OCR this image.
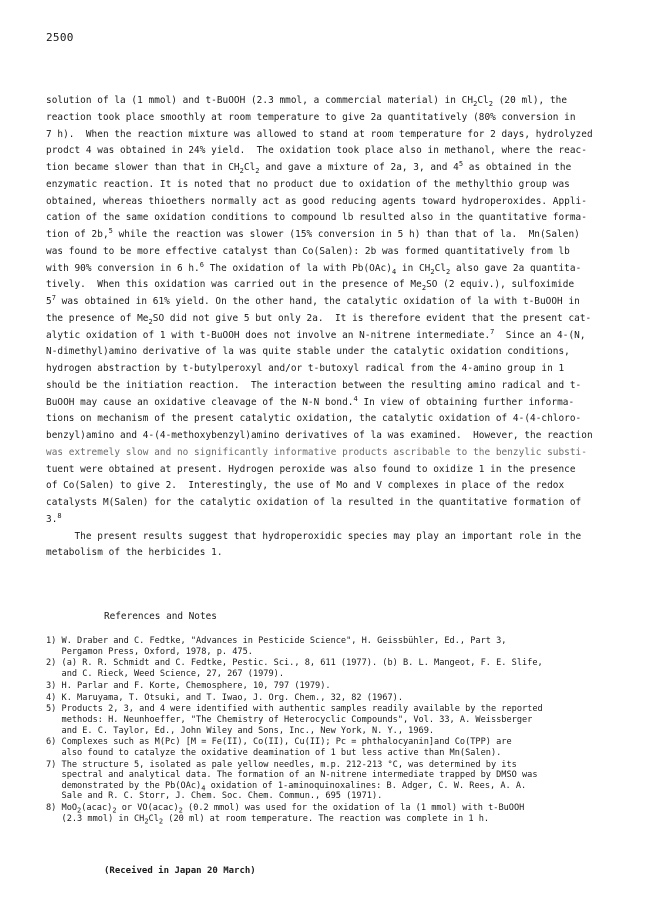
2500
solution of la (1 mmol) and t-BuOOH (2.3 mmol, a commercial material) in $CH_2Cl_2$ (20 ml), the
reaction took place smoothly at room temperature to give 2a quantitatively (80% conversion in
7 h).  When the reaction mixture was allowed to stand at room temperature for 2 days, hydrolyzed
prodct 4 was obtained in 24% yield.  The oxidation took place also in methanol, where the reac-
tion became slower than that in $CH_2Cl_2$ and gave a mixture of 2a, 3, and $4^5$ as obtained in the
enzymatic reaction. It is noted that no product due to oxidation of the methylthio group was
obtained, whereas thioethers normally act as good reducing agents toward hydroperoxides. Appli-
cation of the same oxidation conditions to compound lb resulted also in the quantitative forma-
tion of 2b,$^5$ while the reaction was slower (15% conversion in 5 h) than that of la.  Mn(Salen)
was found to be more effective catalyst than Co(Salen): 2b was formed quantitatively from lb
with 90% conversion in 6 h.$^6$ The oxidation of la with $Pb(OAc)_4$ in $CH_2Cl_2$ also gave 2a quantita-
tively.  When this oxidation was carried out in the presence of $Me_2SO$ (2 equiv.), sulfoximide
$5^7$ was obtained in 61% yield. On the other hand, the catalytic oxidation of la with t-BuOOH in
the presence of $Me_2SO$ did not give 5 but only 2a.  It is therefore evident that the present cat-
alytic oxidation of 1 with t-BuOOH does not involve an N-nitrene intermediate.$^7$  Since an 4-(N,
N-dimethyl)amino derivative of la was quite stable under the catalytic oxidation conditions,
hydrogen abstraction by t-butylperoxyl and/or t-butoxyl radical from the 4-amino group in 1
should be the initiation reaction.  The interaction between the resulting amino radical and t-
BuOOH may cause an oxidative cleavage of the N-N bond.$^4$ In view of obtaining further informa-
tions on mechanism of the present catalytic oxidation, the catalytic oxidation of 4-(4-chloro-
benzyl)amino and 4-(4-methoxybenzyl)amino derivatives of la was examined.  However, the reaction
was extremely slow and no significantly informative products ascribable to the benzylic substi-
tuent were obtained at present. Hydrogen peroxide was also found to oxidize 1 in the presence
of Co(Salen) to give 2.  Interestingly, the use of Mo and V complexes in place of the redox
catalysts M(Salen) for the catalytic oxidation of la resulted in the quantitative formation of
3.$^8$
The present results suggest that hydroperoxidic species may play an important role in the
metabolism of the herbicides 1.
References and Notes
1) W. Draber and C. Fedtke, "Advances in Pesticide Science", H. Geissbühler, Ed., Part 3,
Pergamon Press, Oxford, 1978, p. 475.
2) (a) R. R. Schmidt and C. Fedtke, Pestic. Sci., 8, 611 (1977). (b) B. L. Mangeot, F. E. Slife,
and C. Rieck, Weed Science, 27, 267 (1979).
3) H. Parlar and F. Korte, Chemosphere, 10, 797 (1979).
4) K. Maruyama, T. Otsuki, and T. Iwao, J. Org. Chem., 32, 82 (1967).
5) Products 2, 3, and 4 were identified with authentic samples readily available by the reported
methods: H. Neunhoeffer, "The Chemistry of Heterocyclic Compounds", Vol. 33, A. Weissberger
and E. C. Taylor, Ed., John Wiley and Sons, Inc., New York, N. Y., 1969.
6) Complexes such as M(Pc) [M = Fe(II), Co(II), Cu(II); Pc = phthalocyanin]and Co(TPP) are
also found to catalyze the oxidative deamination of 1 but less active than Mn(Salen).
7) The structure 5, isolated as pale yellow needles, m.p. 212-213 °C, was determined by its
spectral and analytical data. The formation of an N-nitrene intermediate trapped by DMSO was
demonstrated by the $Pb(OAc)_4$ oxidation of 1-aminoquinoxalines: B. Adger, C. W. Rees, A. A.
Sale and R. C. Storr, J. Chem. Soc. Chem. Commun., 695 (1971).
8) $MoO_2(acac)_2$ or $VO(acac)_2$ (0.2 mmol) was used for the oxidation of la (1 mmol) with t-BuOOH
(2.3 mmol) in $CH_2Cl_2$ (20 ml) at room temperature. The reaction was complete in 1 h.
(Received in Japan 20 March)
